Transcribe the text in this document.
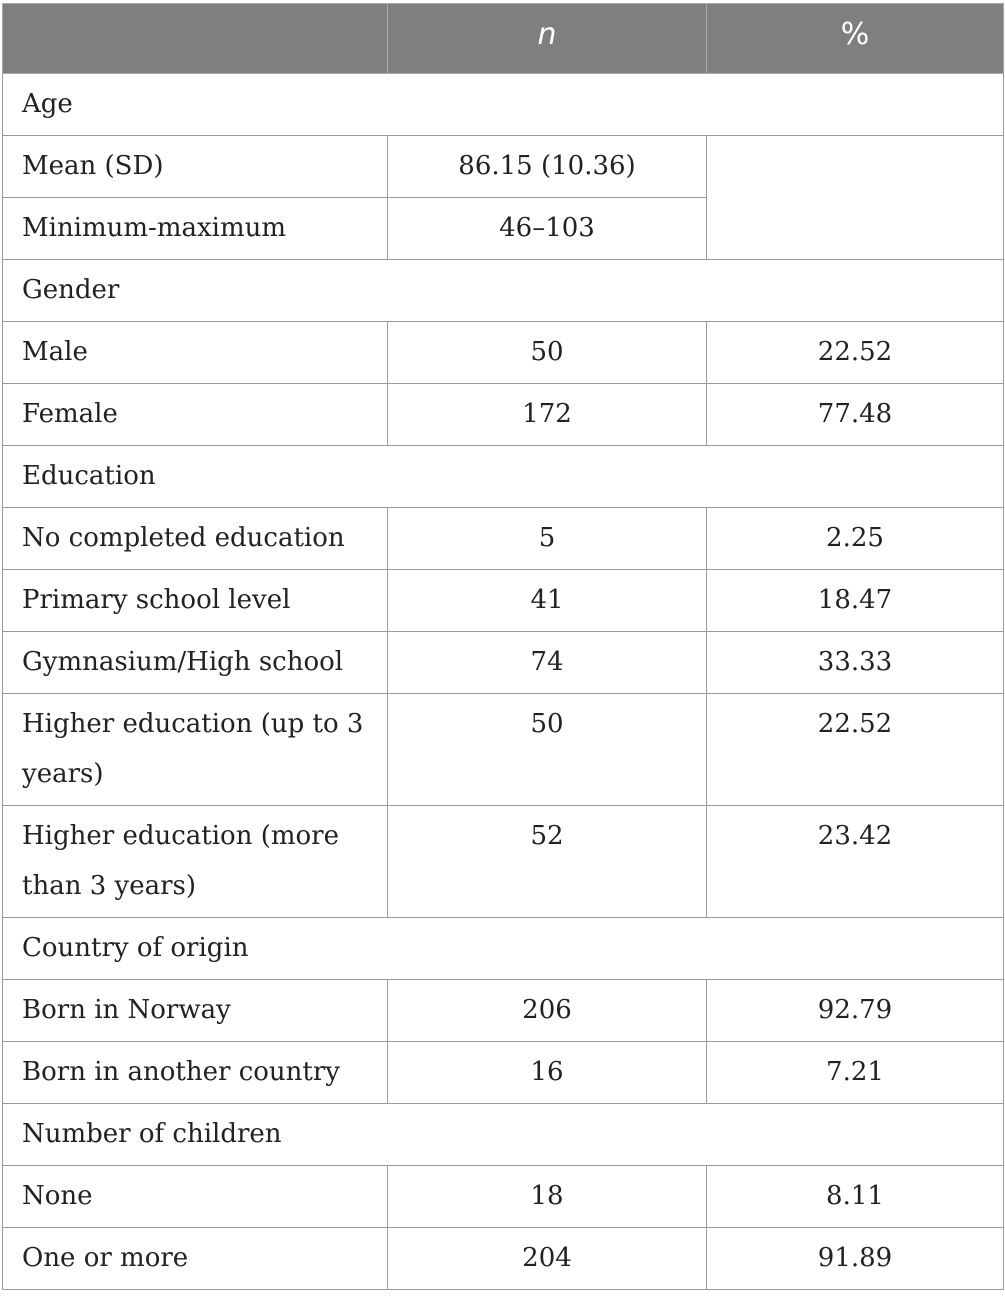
	n	%
Age		
Mean (SD)	86.15 (10.36)	
Minimum-maximum	46–103	
Gender		
Male	50	22.52
Female	172	77.48
Education		
No completed education	5	2.25
Primary school level	41	18.47
Gymnasium/High school	74	33.33
Higher education (up to 3 years)	50	22.52
Higher education (more than 3 years)	52	23.42
Country of origin		
Born in Norway	206	92.79
Born in another country	16	7.21
Number of children		
None	18	8.11
One or more	204	91.89
